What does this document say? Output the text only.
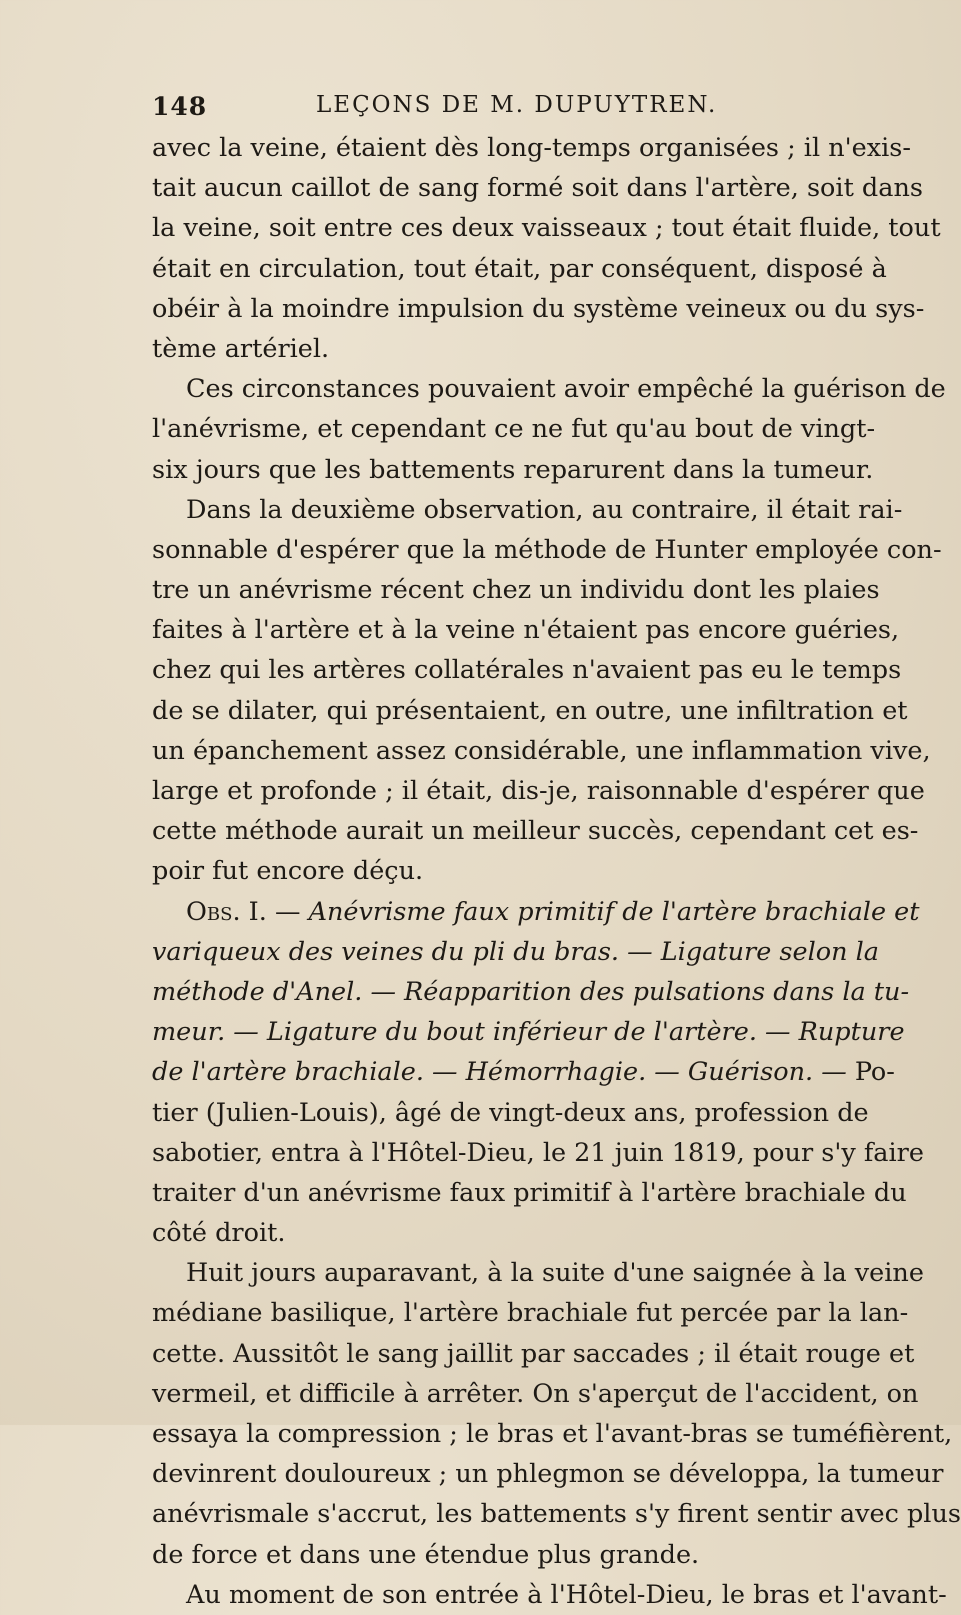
148	LEÇONS DE M. DUPUYTREN.
avec la veine, étaient dès long-temps organisées ; il n'exis-
tait aucun caillot de sang formé soit dans l'artère, soit dans
la veine, soit entre ces deux vaisseaux ; tout était fluide, tout
était en circulation, tout était, par conséquent, disposé à
obéir à la moindre impulsion du système veineux ou du sys-
tème artériel.
Ces circonstances pouvaient avoir empêché la guérison de
l'anévrisme, et cependant ce ne fut qu'au bout de vingt-
six jours que les battements reparurent dans la tumeur.
Dans la deuxième observation, au contraire, il était rai-
sonnable d'espérer que la méthode de Hunter employée con-
tre un anévrisme récent chez un individu dont les plaies
faites à l'artère et à la veine n'étaient pas encore guéries,
chez qui les artères collatérales n'avaient pas eu le temps
de se dilater, qui présentaient, en outre, une infiltration et
un épanchement assez considérable, une inflammation vive,
large et profonde ; il était, dis-je, raisonnable d'espérer que
cette méthode aurait un meilleur succès, cependant cet es-
poir fut encore déçu.
Obs. I. — Anévrisme faux primitif de l'artère brachiale et
variqueux des veines du pli du bras. — Ligature selon la
méthode d'Anel. — Réapparition des pulsations dans la tu-
meur. — Ligature du bout inférieur de l'artère. — Rupture
de l'artère brachiale. — Hémorrhagie. — Guérison. — Po-
tier (Julien-Louis), âgé de vingt-deux ans, profession de
sabotier, entra à l'Hôtel-Dieu, le 21 juin 1819, pour s'y faire
traiter d'un anévrisme faux primitif à l'artère brachiale du
côté droit.
Huit jours auparavant, à la suite d'une saignée à la veine
médiane basilique, l'artère brachiale fut percée par la lan-
cette. Aussitôt le sang jaillit par saccades ; il était rouge et
vermeil, et difficile à arrêter. On s'aperçut de l'accident, on
essaya la compression ; le bras et l'avant-bras se tuméfièrent,
devinrent douloureux ; un phlegmon se développa, la tumeur
anévrismale s'accrut, les battements s'y firent sentir avec plus
de force et dans une étendue plus grande.
Au moment de son entrée à l'Hôtel-Dieu, le bras et l'avant-
